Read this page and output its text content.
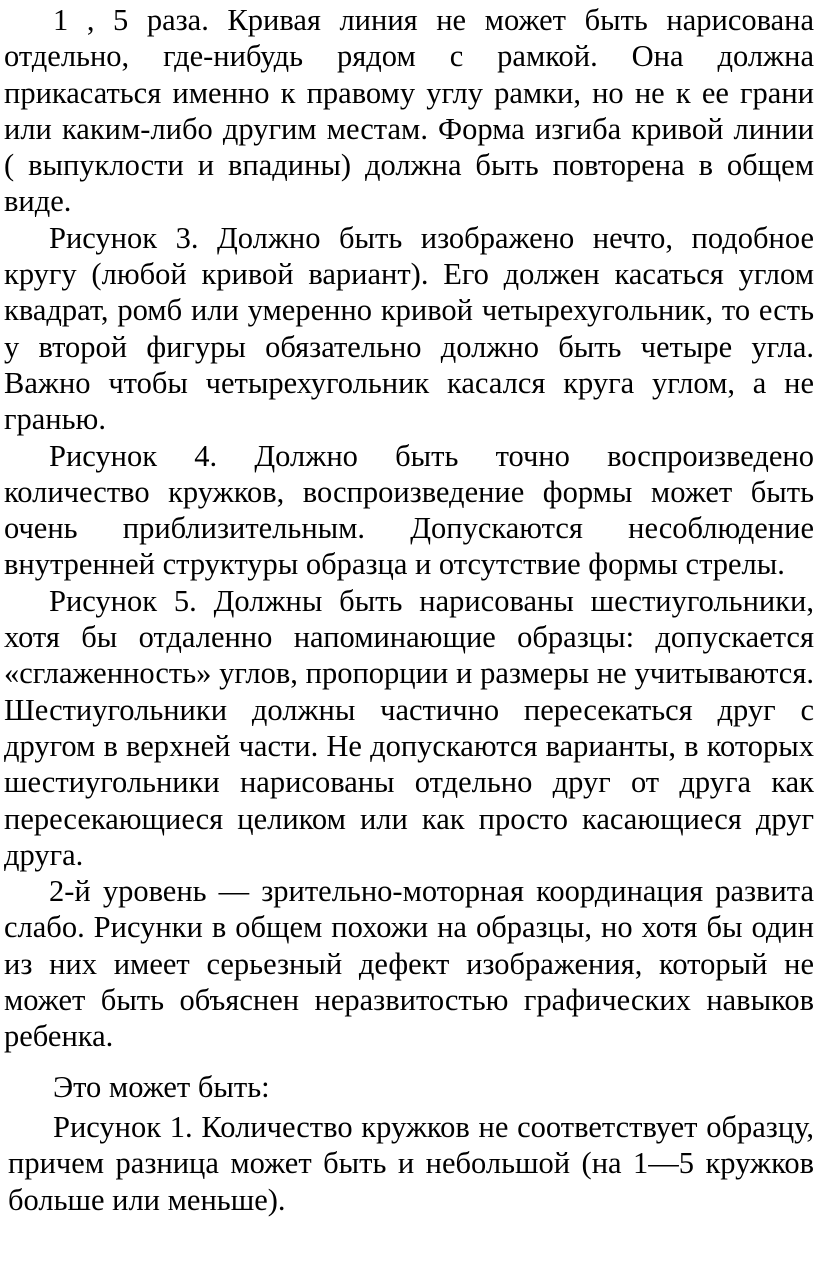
1 , 5 раза. Кривая линия не может быть нарисована отдельно, где-нибудь рядом с рамкой. Она должна прикасаться именно к правому углу рамки, но не к ее грани или каким-либо другим местам. Форма изгиба кривой линии ( выпуклости и впадины) должна быть повторена в общем виде.

Рисунок 3. Должно быть изображено нечто, подобное кругу (любой кривой вариант). Его должен касаться углом квадрат, ромб или умеренно кривой четырехугольник, то есть у второй фигуры обязательно должно быть четыре угла. Важно чтобы четырехугольник касался круга углом, а не гранью.

Рисунок 4. Должно быть точно воспроизведено количество кружков, воспроизведение формы может быть очень приблизительным. Допускаются несоблюдение внутренней структуры образца и отсутствие формы стрелы.

Рисунок 5. Должны быть нарисованы шестиугольники, хотя бы отдаленно напоминающие образцы: допускается «сглаженность» углов, пропорции и размеры не учитываются. Шестиугольники должны частично пересекаться друг с другом в верхней части. Не допускаются варианты, в которых шестиугольники нарисованы отдельно друг от друга как пересекающиеся целиком или как просто касающиеся друг друга.

2-й уровень — зрительно-моторная координация развита слабо. Рисунки в общем похожи на образцы, но хотя бы один из них имеет серьезный дефект изображения, который не может быть объяснен неразвитостью графических навыков ребенка.

Это может быть:

Рисунок 1. Количество кружков не соответствует образцу, причем разница может быть и небольшой (на 1—5 кружков больше или меньше).
